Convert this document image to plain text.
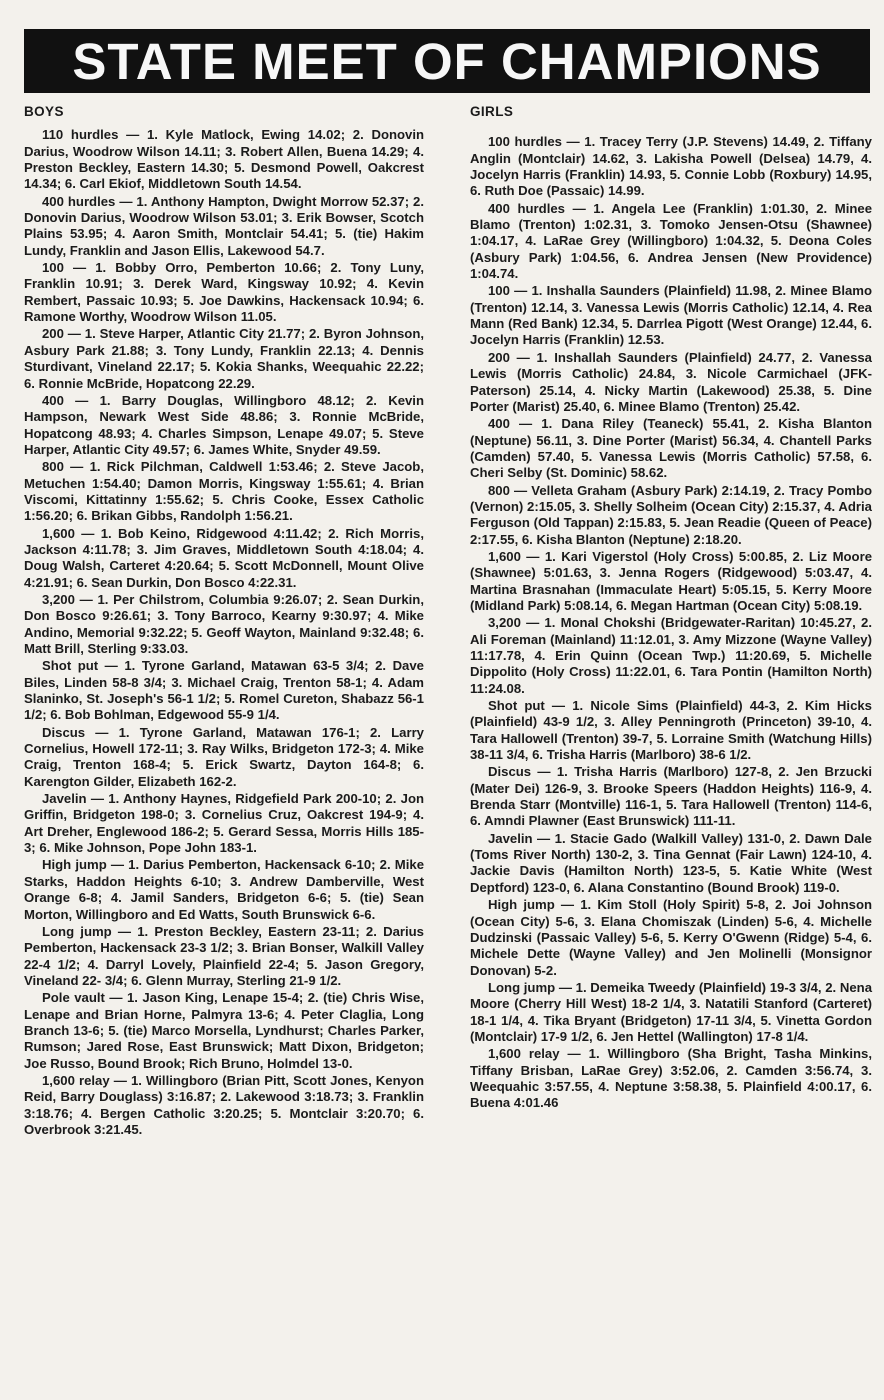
STATE MEET OF CHAMPIONS
BOYS

110 hurdles — 1. Kyle Matlock, Ewing 14.02; 2. Donovin Darius, Woodrow Wilson 14.11; 3. Robert Allen, Buena 14.29; 4. Preston Beckley, Eastern 14.30; 5. Desmond Powell, Oakcrest 14.34; 6. Carl Ekiof, Middletown South 14.54.

400 hurdles — 1. Anthony Hampton, Dwight Morrow 52.37; 2. Donovin Darius, Woodrow Wilson 53.01; 3. Erik Bowser, Scotch Plains 53.95; 4. Aaron Smith, Montclair 54.41; 5. (tie) Hakim Lundy, Franklin and Jason Ellis, Lakewood 54.7.

100 — 1. Bobby Orro, Pemberton 10.66; 2. Tony Luny, Franklin 10.91; 3. Derek Ward, Kingsway 10.92; 4. Kevin Rembert, Passaic 10.93; 5. Joe Dawkins, Hackensack 10.94; 6. Ramone Worthy, Woodrow Wilson 11.05.

200 — 1. Steve Harper, Atlantic City 21.77; 2. Byron Johnson, Asbury Park 21.88; 3. Tony Lundy, Franklin 22.13; 4. Dennis Sturdivant, Vineland 22.17; 5. Kokia Shanks, Weequahic 22.22; 6. Ronnie McBride, Hopatcong 22.29.

400 — 1. Barry Douglas, Willingboro 48.12; 2. Kevin Hampson, Newark West Side 48.86; 3. Ronnie McBride, Hopatcong 48.93; 4. Charles Simpson, Lenape 49.07; 5. Steve Harper, Atlantic City 49.57; 6. James White, Snyder 49.59.

800 — 1. Rick Pilchman, Caldwell 1:53.46; 2. Steve Jacob, Metuchen 1:54.40; Damon Morris, Kingsway 1:55.61; 4. Brian Viscomi, Kittatinny 1:55.62; 5. Chris Cooke, Essex Catholic 1:56.20; 6. Brikan Gibbs, Randolph 1:56.21.

1,600 — 1. Bob Keino, Ridgewood 4:11.42; 2. Rich Morris, Jackson 4:11.78; 3. Jim Graves, Middletown South 4:18.04; 4. Doug Walsh, Carteret 4:20.64; 5. Scott McDonnell, Mount Olive 4:21.91; 6. Sean Durkin, Don Bosco 4:22.31.

3,200 — 1. Per Chilstrom, Columbia 9:26.07; 2. Sean Durkin, Don Bosco 9:26.61; 3. Tony Barroco, Kearny 9:30.97; 4. Mike Andino, Memorial 9:32.22; 5. Geoff Wayton, Mainland 9:32.48; 6. Matt Brill, Sterling 9:33.03.

Shot put — 1. Tyrone Garland, Matawan 63-5 3/4; 2. Dave Biles, Linden 58-8 3/4; 3. Michael Craig, Trenton 58-1; 4. Adam Slaninko, St. Joseph's 56-1 1/2; 5. Romel Cureton, Shabazz 56-1 1/2; 6. Bob Bohlman, Edgewood 55-9 1/4.

Discus — 1. Tyrone Garland, Matawan 176-1; 2. Larry Cornelius, Howell 172-11; 3. Ray Wilks, Bridgeton 172-3; 4. Mike Craig, Trenton 168-4; 5. Erick Swartz, Dayton 164-8; 6. Karengton Gilder, Elizabeth 162-2.

Javelin — 1. Anthony Haynes, Ridgefield Park 200-10; 2. Jon Griffin, Bridgeton 198-0; 3. Cornelius Cruz, Oakcrest 194-9; 4. Art Dreher, Englewood 186-2; 5. Gerard Sessa, Morris Hills 185-3; 6. Mike Johnson, Pope John 183-1.

High jump — 1. Darius Pemberton, Hackensack 6-10; 2. Mike Starks, Haddon Heights 6-10; 3. Andrew Damberville, West Orange 6-8; 4. Jamil Sanders, Bridgeton 6-6; 5. (tie) Sean Morton, Willingboro and Ed Watts, South Brunswick 6-6.

Long jump — 1. Preston Beckley, Eastern 23-11; 2. Darius Pemberton, Hackensack 23-3 1/2; 3. Brian Bonser, Walkill Valley 22-4 1/2; 4. Darryl Lovely, Plainfield 22-4; 5. Jason Gregory, Vineland 22- 3/4; 6. Glenn Murray, Sterling 21-9 1/2.

Pole vault — 1. Jason King, Lenape 15-4; 2. (tie) Chris Wise, Lenape and Brian Horne, Palmyra 13-6; 4. Peter Claglia, Long Branch 13-6; 5. (tie) Marco Morsella, Lyndhurst; Charles Parker, Rumson; Jared Rose, East Brunswick; Matt Dixon, Bridgeton; Joe Russo, Bound Brook; Rich Bruno, Holmdel 13-0.

1,600 relay — 1. Willingboro (Brian Pitt, Scott Jones, Kenyon Reid, Barry Douglass) 3:16.87; 2. Lakewood 3:18.73; 3. Franklin 3:18.76; 4. Bergen Catholic 3:20.25; 5. Montclair 3:20.70; 6. Overbrook 3:21.45.

GIRLS

100 hurdles — 1. Tracey Terry (J.P. Stevens) 14.49, 2. Tiffany Anglin (Montclair) 14.62, 3. Lakisha Powell (Delsea) 14.79, 4. Jocelyn Harris (Franklin) 14.93, 5. Connie Lobb (Roxbury) 14.95, 6. Ruth Doe (Passaic) 14.99.

400 hurdles — 1. Angela Lee (Franklin) 1:01.30, 2. Minee Blamo (Trenton) 1:02.31, 3. Tomoko Jensen-Otsu (Shawnee) 1:04.17, 4. LaRae Grey (Willingboro) 1:04.32, 5. Deona Coles (Asbury Park) 1:04.56, 6. Andrea Jensen (New Providence) 1:04.74.

100 — 1. Inshalla Saunders (Plainfield) 11.98, 2. Minee Blamo (Trenton) 12.14, 3. Vanessa Lewis (Morris Catholic) 12.14, 4. Rea Mann (Red Bank) 12.34, 5. Darrlea Pigott (West Orange) 12.44, 6. Jocelyn Harris (Franklin) 12.53.

200 — 1. Inshallah Saunders (Plainfield) 24.77, 2. Vanessa Lewis (Morris Catholic) 24.84, 3. Nicole Carmichael (JFK-Paterson) 25.14, 4. Nicky Martin (Lakewood) 25.38, 5. Dine Porter (Marist) 25.40, 6. Minee Blamo (Trenton) 25.42.

400 — 1. Dana Riley (Teaneck) 55.41, 2. Kisha Blanton (Neptune) 56.11, 3. Dine Porter (Marist) 56.34, 4. Chantell Parks (Camden) 57.40, 5. Vanessa Lewis (Morris Catholic) 57.58, 6. Cheri Selby (St. Dominic) 58.62.

800 — Velleta Graham (Asbury Park) 2:14.19, 2. Tracy Pombo (Vernon) 2:15.05, 3. Shelly Solheim (Ocean City) 2:15.37, 4. Adria Ferguson (Old Tappan) 2:15.83, 5. Jean Readie (Queen of Peace) 2:17.55, 6. Kisha Blanton (Neptune) 2:18.20.

1,600 — 1. Kari Vigerstol (Holy Cross) 5:00.85, 2. Liz Moore (Shawnee) 5:01.63, 3. Jenna Rogers (Ridgewood) 5:03.47, 4. Martina Brasnahan (Immaculate Heart) 5:05.15, 5. Kerry Moore (Midland Park) 5:08.14, 6. Megan Hartman (Ocean City) 5:08.19.

3,200 — 1. Monal Chokshi (Bridgewater-Raritan) 10:45.27, 2. Ali Foreman (Mainland) 11:12.01, 3. Amy Mizzone (Wayne Valley) 11:17.78, 4. Erin Quinn (Ocean Twp.) 11:20.69, 5. Michelle Dippolito (Holy Cross) 11:22.01, 6. Tara Pontin (Hamilton North) 11:24.08.

Shot put — 1. Nicole Sims (Plainfield) 44-3, 2. Kim Hicks (Plainfield) 43-9 1/2, 3. Alley Penningroth (Princeton) 39-10, 4. Tara Hallowell (Trenton) 39-7, 5. Lorraine Smith (Watchung Hills) 38-11 3/4, 6. Trisha Harris (Marlboro) 38-6 1/2.

Discus — 1. Trisha Harris (Marlboro) 127-8, 2. Jen Brzucki (Mater Dei) 126-9, 3. Brooke Speers (Haddon Heights) 116-9, 4. Brenda Starr (Montville) 116-1, 5. Tara Hallowell (Trenton) 114-6, 6. Amndi Plawner (East Brunswick) 111-11.

Javelin — 1. Stacie Gado (Walkill Valley) 131-0, 2. Dawn Dale (Toms River North) 130-2, 3. Tina Gennat (Fair Lawn) 124-10, 4. Jackie Davis (Hamilton North) 123-5, 5. Katie White (West Deptford) 123-0, 6. Alana Constantino (Bound Brook) 119-0.

High jump — 1. Kim Stoll (Holy Spirit) 5-8, 2. Joi Johnson (Ocean City) 5-6, 3. Elana Chomiszak (Linden) 5-6, 4. Michelle Dudzinski (Passaic Valley) 5-6, 5. Kerry O'Gwenn (Ridge) 5-4, 6. Michele Dette (Wayne Valley) and Jen Molinelli (Monsignor Donovan) 5-2.

Long jump — 1. Demeika Tweedy (Plainfield) 19-3 3/4, 2. Nena Moore (Cherry Hill West) 18-2 1/4, 3. Natatili Stanford (Carteret) 18-1 1/4, 4. Tika Bryant (Bridgeton) 17-11 3/4, 5. Vinetta Gordon (Montclair) 17-9 1/2, 6. Jen Hettel (Wallington) 17-8 1/4.

1,600 relay — 1. Willingboro (Sha Bright, Tasha Minkins, Tiffany Brisban, LaRae Grey) 3:52.06, 2. Camden 3:56.74, 3. Weequahic 3:57.55, 4. Neptune 3:58.38, 5. Plainfield 4:00.17, 6. Buena 4:01.46
